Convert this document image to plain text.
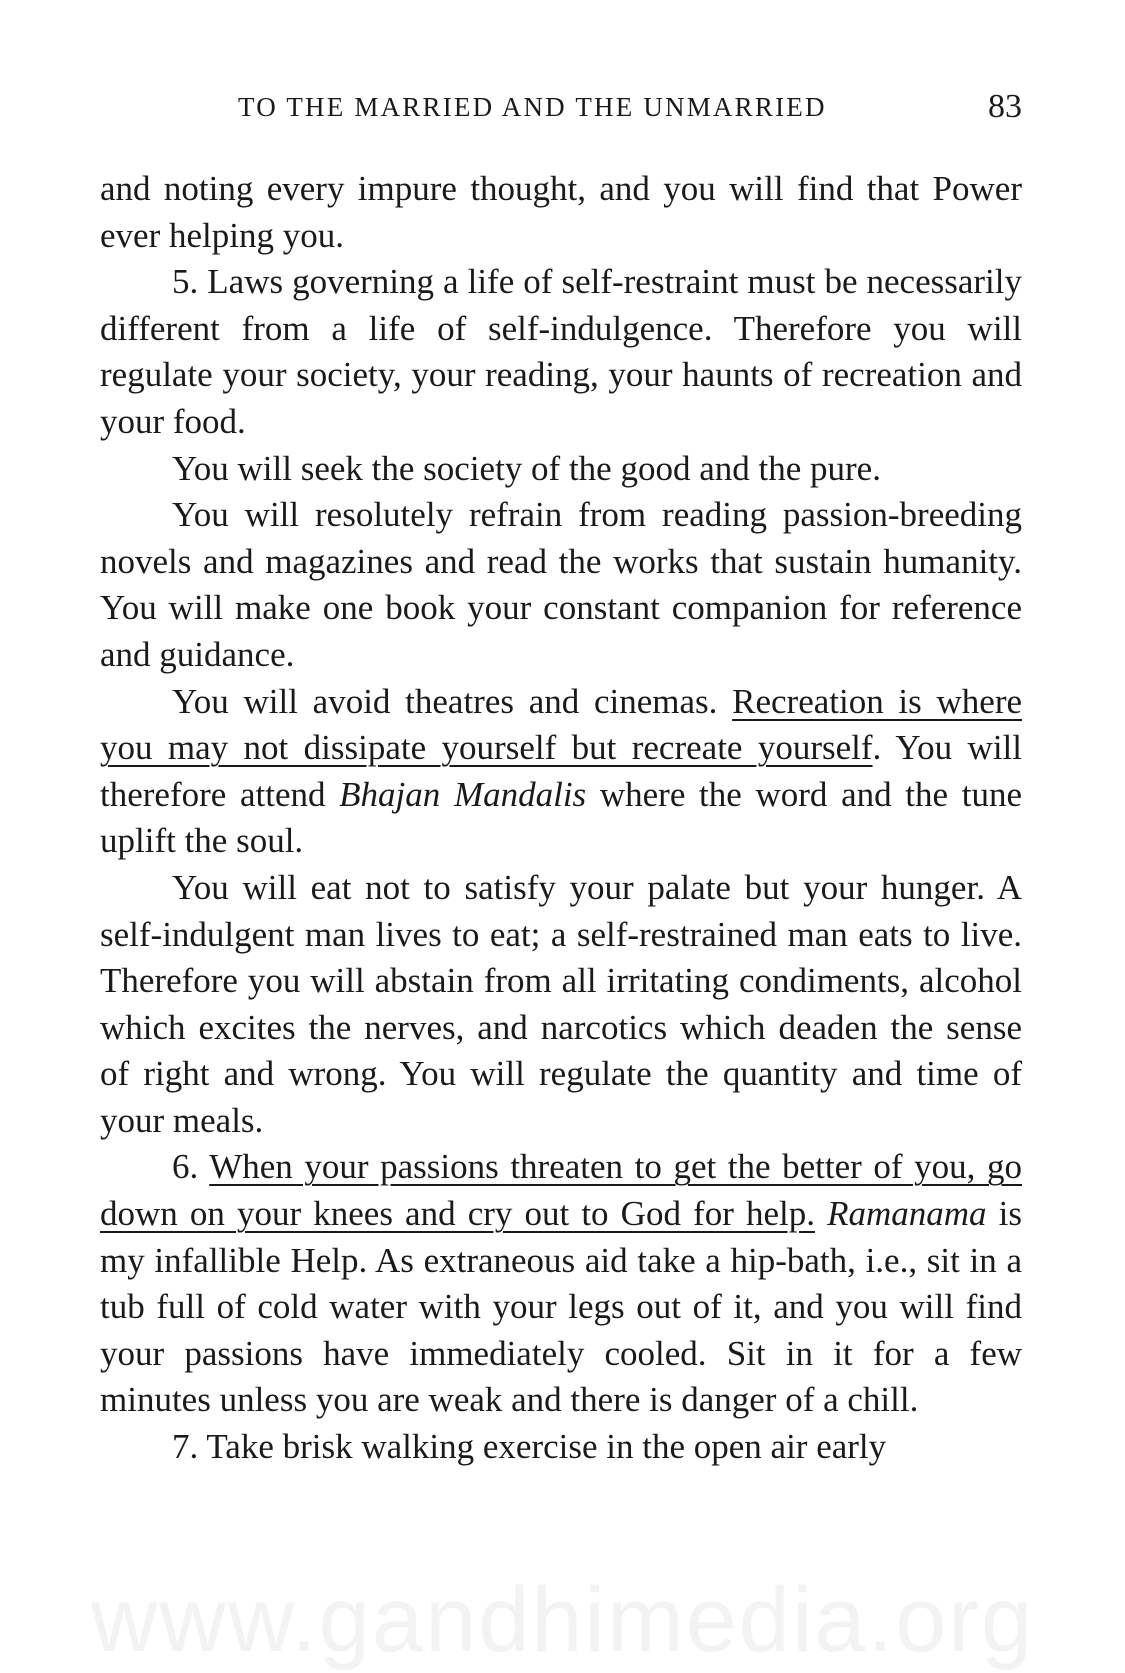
TO THE MARRIED AND THE UNMARRIED	83

and noting every impure thought, and you will find that Power ever helping you.

5. Laws governing a life of self-restraint must be necessarily different from a life of self-indulgence. Therefore you will regulate your society, your reading, your haunts of recreation and your food.

You will seek the society of the good and the pure.

You will resolutely refrain from reading passion-breeding novels and magazines and read the works that sustain humanity. You will make one book your constant companion for reference and guidance.

You will avoid theatres and cinemas. Recreation is where you may not dissipate yourself but recreate yourself. You will therefore attend Bhajan Mandalis where the word and the tune uplift the soul.

You will eat not to satisfy your palate but your hunger. A self-indulgent man lives to eat; a self-restrained man eats to live. Therefore you will abstain from all irritating condiments, alcohol which excites the nerves, and narcotics which deaden the sense of right and wrong. You will regulate the quantity and time of your meals.

6. When your passions threaten to get the better of you, go down on your knees and cry out to God for help. Ramanama is my infallible Help. As extraneous aid take a hip-bath, i.e., sit in a tub full of cold water with your legs out of it, and you will find your passions have immediately cooled. Sit in it for a few minutes unless you are weak and there is danger of a chill.

7. Take brisk walking exercise in the open air early

www.gandhimedia.org
